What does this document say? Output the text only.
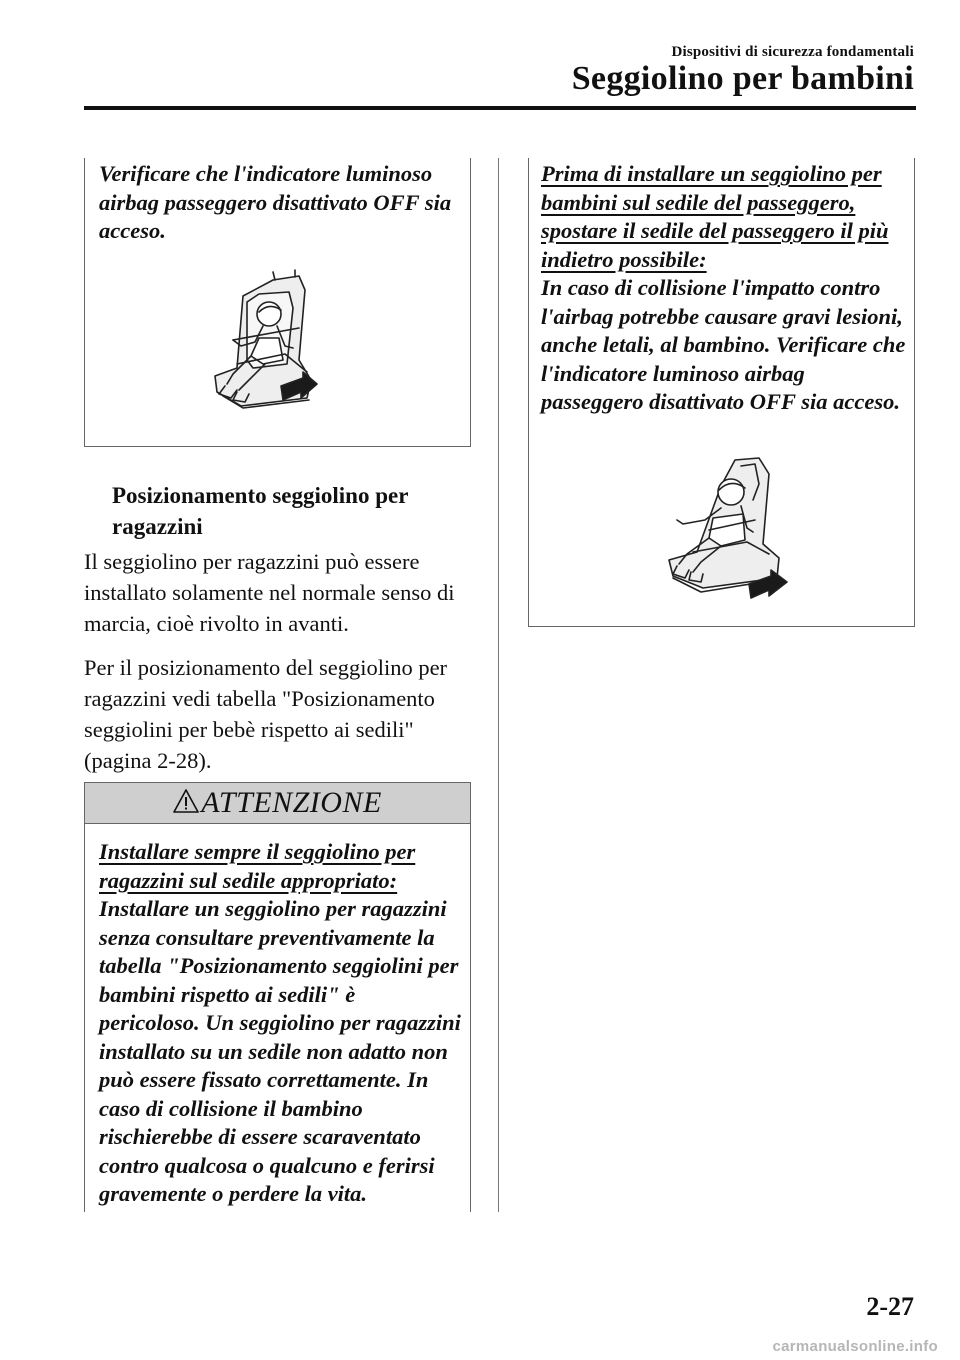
Dispositivi di sicurezza fondamentali
Seggiolino per bambini
Verificare che l'indicatore luminoso airbag passeggero disattivato OFF sia acceso.
Posizionamento seggiolino per
ragazzini
Il seggiolino per ragazzini può essere installato solamente nel normale senso di marcia, cioè rivolto in avanti.
Per il posizionamento del seggiolino per ragazzini vedi tabella "Posizionamento seggiolini per bebè rispetto ai sedili" (pagina 2-28).
ATTENZIONE
Installare sempre il seggiolino per ragazzini sul sedile appropriato:
Installare un seggiolino per ragazzini senza consultare preventivamente la tabella "Posizionamento seggiolini per bambini rispetto ai sedili" è pericoloso. Un seggiolino per ragazzini installato su un sedile non adatto non può essere fissato correttamente. In caso di collisione il bambino rischierebbe di essere scaraventato contro qualcosa o qualcuno e ferirsi gravemente o perdere la vita.
Prima di installare un seggiolino per bambini sul sedile del passeggero, spostare il sedile del passeggero il più indietro possibile:
In caso di collisione l'impatto contro l'airbag potrebbe causare gravi lesioni, anche letali, al bambino. Verificare che l'indicatore luminoso airbag passeggero disattivato OFF sia acceso.
2-27
carmanualsonline.info
